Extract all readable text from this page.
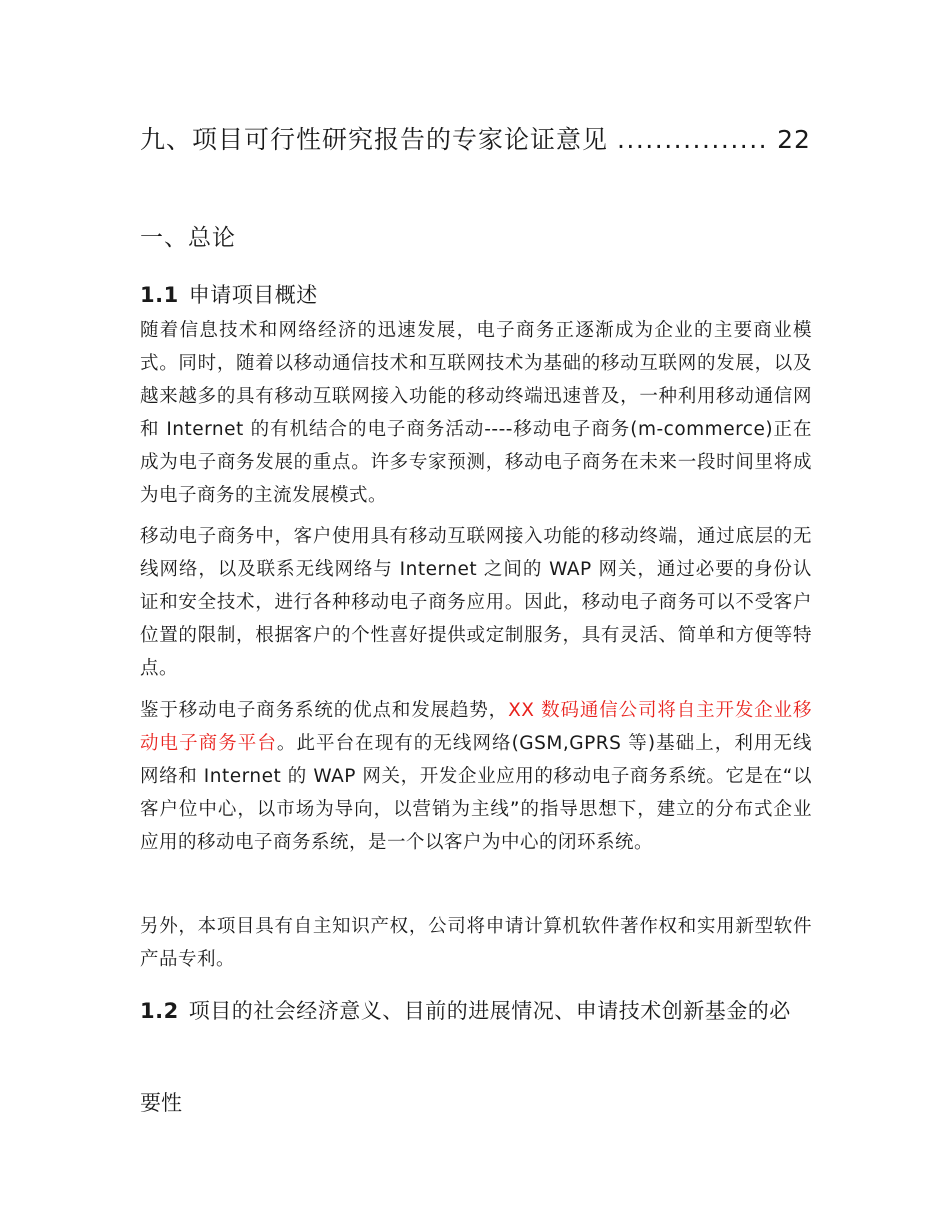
九、项目可行性研究报告的专家论证意见 ................ 22
一、总论
1.1 申请项目概述

随着信息技术和网络经济的迅速发展，电子商务正逐渐成为企业的主要商业模式。同时，随着以移动通信技术和互联网技术为基础的移动互联网的发展，以及越来越多的具有移动互联网接入功能的移动终端迅速普及，一种利用移动通信网和 Internet 的有机结合的电子商务活动----移动电子商务(m-commerce)正在成为电子商务发展的重点。许多专家预测，移动电子商务在未来一段时间里将成为电子商务的主流发展模式。

移动电子商务中，客户使用具有移动互联网接入功能的移动终端，通过底层的无线网络，以及联系无线网络与 Internet 之间的 WAP 网关，通过必要的身份认证和安全技术，进行各种移动电子商务应用。因此，移动电子商务可以不受客户位置的限制，根据客户的个性喜好提供或定制服务，具有灵活、简单和方便等特点。

鉴于移动电子商务系统的优点和发展趋势，XX 数码通信公司将自主开发企业移动电子商务平台。此平台在现有的无线网络(GSM,GPRS 等)基础上，利用无线网络和 Internet 的 WAP 网关，开发企业应用的移动电子商务系统。它是在“以客户位中心，以市场为导向，以营销为主线”的指导思想下，建立的分布式企业应用的移动电子商务系统，是一个以客户为中心的闭环系统。

另外，本项目具有自主知识产权，公司将申请计算机软件著作权和实用新型软件产品专利。

1.2 项目的社会经济意义、目前的进展情况、申请技术创新基金的必
要性
